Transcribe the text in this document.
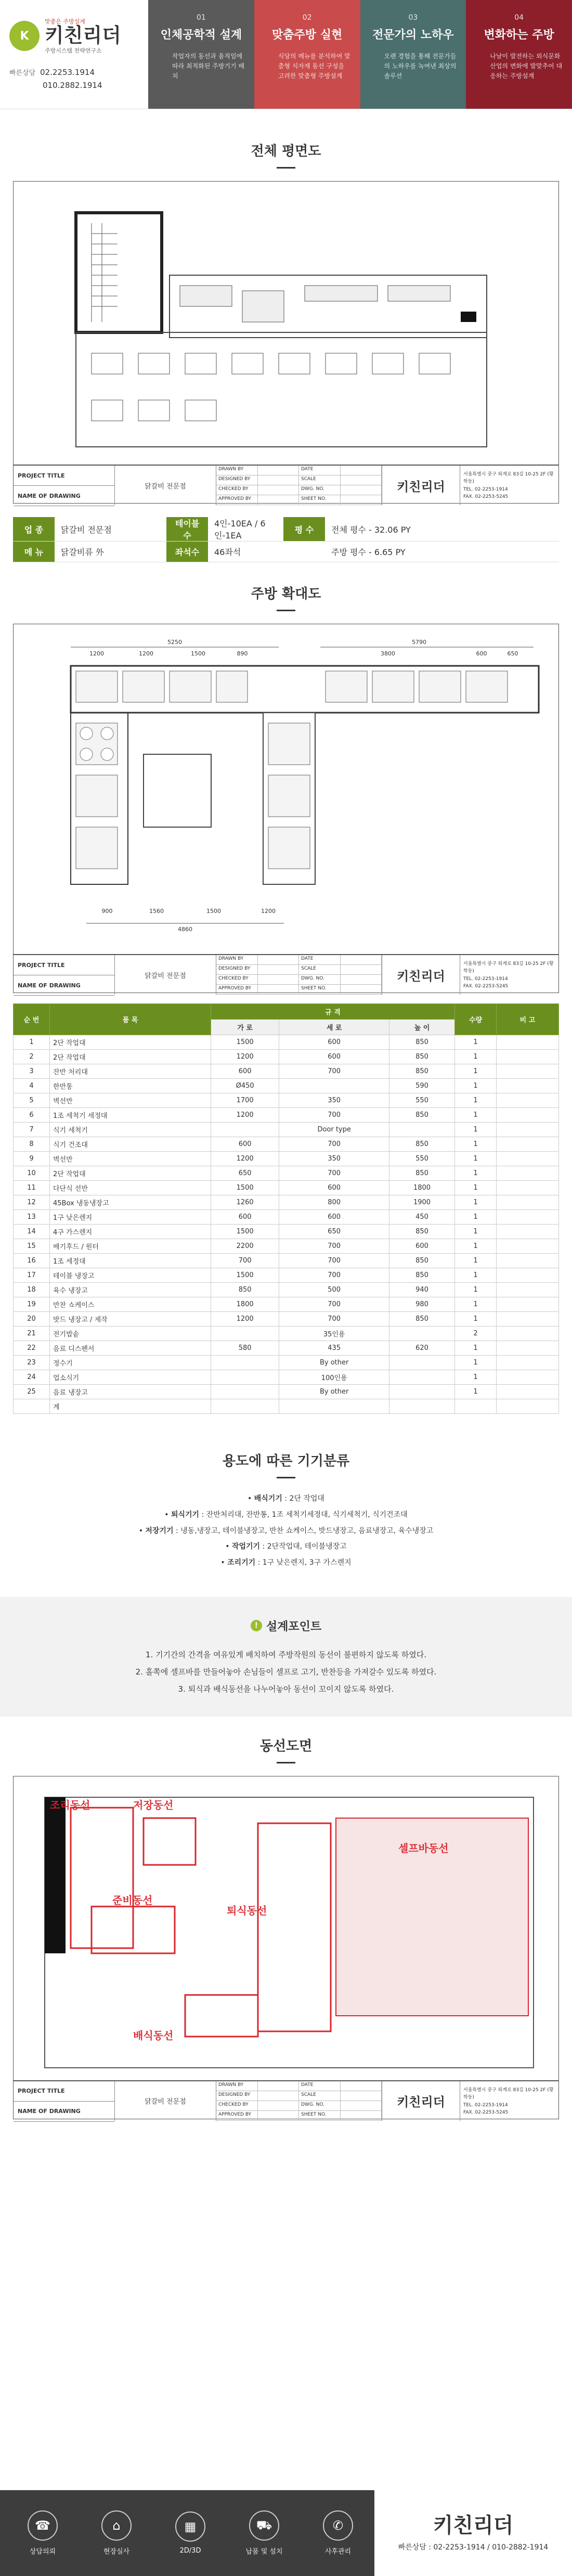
K
맛좋은 주방설계
키친리더
주방시스템 전략연구소
빠른상담 02.2253.1914
010.2882.1914
01
인체공학적 설계
작업자의 동선과 움직임에 따라 최적화된 주방기기 배치
02
맞춤주방 실현
식당의 메뉴를 분석하여 맞춤형 식자재 동선 구성을 고려한 맞춤형 주방설계
03
전문가의 노하우
오랜 경험을 통해 전문가들의 노하우를 녹여낸 최상의 솔루션
04
변화하는 주방
나날이 발전하는 외식문화 산업의 변화에 발맞추어 대응하는 주방설계
전체 평면도
PROJECT TITLE
NAME OF DRAWING
닭갈비 전문점
DRAWN BY	DATE
DESIGNED BY	SCALE
CHECKED BY	DWG. NO.
APPROVED BY	SHEET NO.
키친리더
서울특별시 중구 퇴계로 83길 10-25 2F (황학동)
TEL. 02-2253-1914
FAX. 02-2253-5245
업 종	닭갈비 전문점	테이블수	4인-10EA / 6인-1EA	평 수	전체 평수 - 32.06 PY
메 뉴	닭갈비류 外	좌석수	46좌석		주방 평수 - 6.65 PY
주방 확대도
5250	5790
1200	1200	1500	890	3800	600	650
900	1560	1500	1200
4860
PROJECT TITLE
NAME OF DRAWING
닭갈비 전문점
DRAWN BY	DATE
DESIGNED BY	SCALE
CHECKED BY	DWG. NO.
APPROVED BY	SHEET NO.
키친리더
서울특별시 중구 퇴계로 83길 10-25 2F (황학동)
TEL. 02-2253-1914
FAX. 02-2253-5245
순 번	품 목	규 격			수량	비 고
		가 로	세 로	높 이		
1	2단 작업대	1500	600	850	1	
2	2단 작업대	1200	600	850	1	
3	잔반 처리대	600	700	850	1	
4	한반통	Ø450		590	1	
5	벽선반	1700	350	550	1	
6	1조 세척기 세정대	1200	700	850	1	
7	식기 세척기		Door type		1	
8	식기 건조대	600	700	850	1	
9	벽선반	1200	350	550	1	
10	2단 작업대	650	700	850	1	
11	다단식 선반	1500	600	1800	1	
12	45Box 냉동냉장고	1260	800	1900	1	
13	1구 낮은렌지	600	600	450	1	
14	4구 가스렌지	1500	650	850	1	
15	배기후드 / 원터	2200	700	600	1	
16	1조 세정대	700	700	850	1	
17	테이블 냉장고	1500	700	850	1	
18	육수 냉장고	850	500	940	1	
19	반찬 쇼케이스	1800	700	980	1	
20	밧드 냉장고 / 제작	1200	700	850	1	
21	전기밥솥		35인용		2	
22	음료 디스펜서	580	435	620	1	
23	정수기		By other		1	
24	업소식기		100인용		1	
25	음료 냉장고		By other		1	
	계					
용도에 따른 기기분류
• 배식기기 : 2단 작업대
• 퇴식기기 : 잔반처리대, 잔반통, 1조 세척기세정대, 식기세척기, 식기건조대
• 저장기기 : 냉동,냉장고, 테이블냉장고, 반찬 쇼케이스, 밧드냉장고, 음료냉장고, 육수냉장고
• 작업기기 : 2단작업대, 테이블냉장고
• 조리기기 : 1구 낮은렌지, 3구 가스렌지
! 설계포인트
1. 기기간의 간격을 여유있게 배치하여 주방작원의 동선이 불편하지 않도록 하였다.
2. 홀쪽에 셀프바를 만들어놓아 손님들이 셀프로 고기, 반찬등을 가져갈수 있도록 하였다.
3. 퇴식과 배식동선을 나누어놓아 동선이 꼬이지 않도록 하였다.
동선도면
조리동선	저장동선
준비동선
퇴식동선
배식동선
셀프바동선
PROJECT TITLE
NAME OF DRAWING
닭갈비 전문점
DRAWN BY	DATE
DESIGNED BY	SCALE
CHECKED BY	DWG. NO.
APPROVED BY	SHEET NO.
키친리더
서울특별시 중구 퇴계로 83길 10-25 2F (황학동)
TEL. 02-2253-1914
FAX. 02-2253-5245
☎
상담의뢰
⌂
현장실사
▦
2D/3D
⛟
납품 및 설치
✆
사후관리
키친리더
빠른상담 : 02-2253-1914 / 010-2882-1914
